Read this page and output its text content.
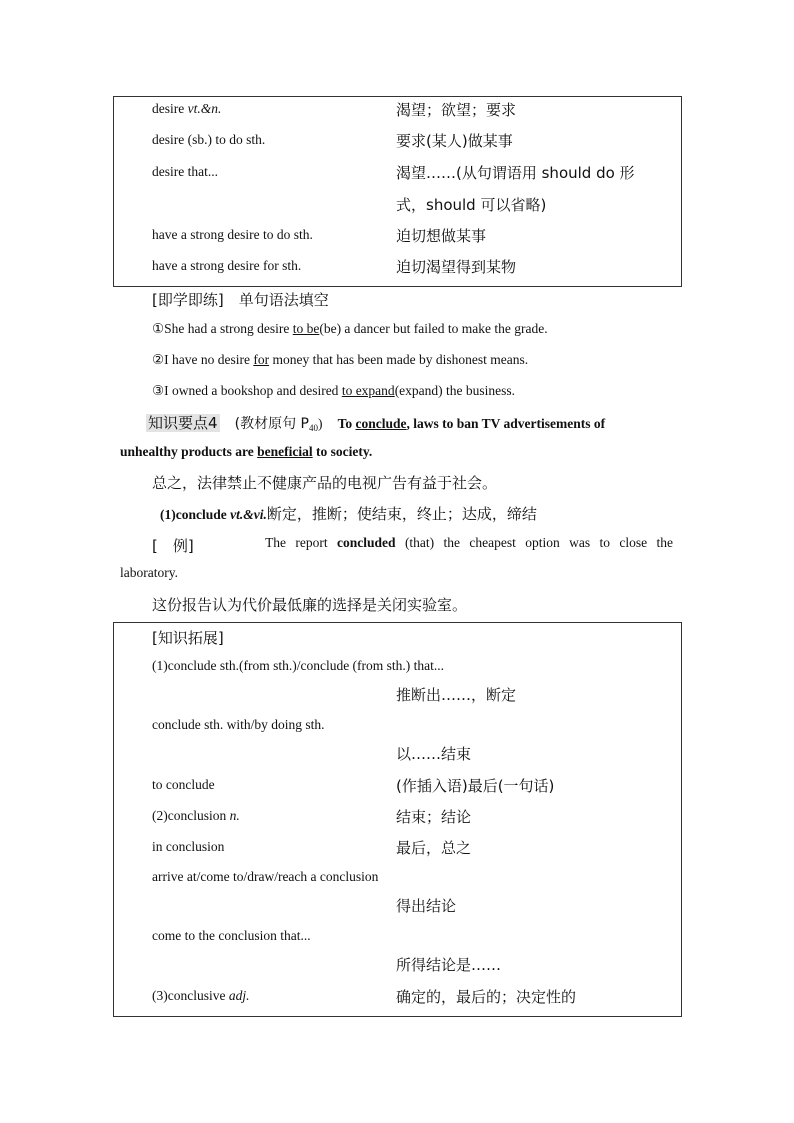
desire vt.&n.	渴望；欲望；要求
desire (sb.) to do sth.	要求(某人)做某事
desire that...	渴望……(从句谓语用 should do 形
式，should 可以省略)
have a strong desire to do sth.	迫切想做某事
have a strong desire for sth.	迫切渴望得到某物
[即学即练]　单句语法填空
①She had a strong desire to be(be) a dancer but failed to make the grade.
②I have no desire for money that has been made by dishonest means.
③I owned a bookshop and desired to expand(expand) the business.
知识要点4 (教材原句 $P_{40}$) To conclude, laws to ban TV advertisements of
unhealthy products are beneficial to society.
总之，法律禁止不健康产品的电视广告有益于社会。
(1)conclude vt.&vi.断定，推断；使结束，终止；达成，缔结
[　例]	The report concluded (that) the cheapest option was to close the
laboratory.
这份报告认为代价最低廉的选择是关闭实验室。
[知识拓展]
(1)conclude sth.(from sth.)/conclude (from sth.) that...
推断出……，断定
conclude sth. with/by doing sth.
以……结束
to conclude	(作插入语)最后(一句话)
(2)conclusion n.	结束；结论
in conclusion	最后，总之
arrive at/come to/draw/reach a conclusion
得出结论
come to the conclusion that...
所得结论是……
(3)conclusive adj.	确定的，最后的；决定性的
